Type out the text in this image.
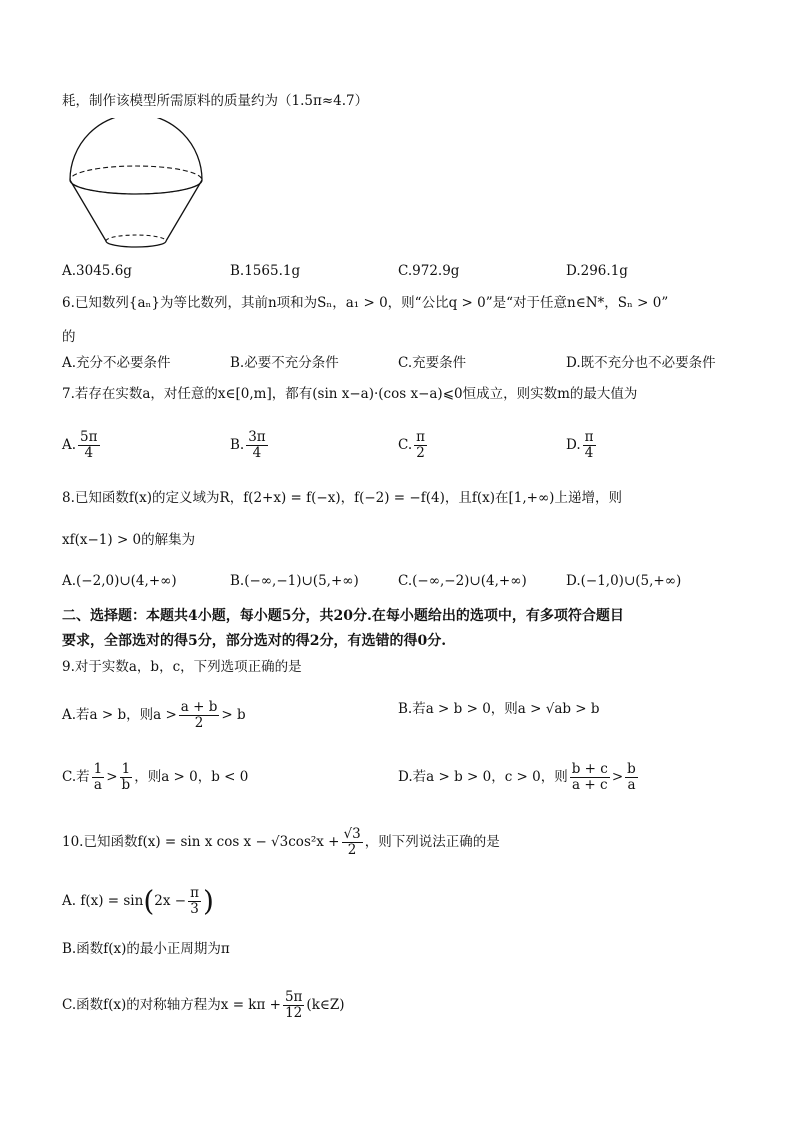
耗，制作该模型所需原料的质量约为（1.5π≈4.7）
A.3045.6g	B.1565.1g	C.972.9g	D.296.1g
6.已知数列{aₙ}为等比数列，其前n项和为Sₙ，a₁ > 0，则“公比q > 0”是“对于任意n∈N*，Sₙ > 0”
的
A.充分不必要条件	B.必要不充分条件	C.充要条件	D.既不充分也不必要条件
7.若存在实数a，对任意的x∈[0,m]，都有(sin x−a)·(cos x−a)⩽0恒成立，则实数m的最大值为
A. $\frac{5\pi}{4}$	B. $\frac{3\pi}{4}$	C. $\frac{\pi}{2}$	D. $\frac{\pi}{4}$
8.已知函数f(x)的定义域为R，f(2+x) = f(−x)，f(−2) = −f(4)，且f(x)在[1,+∞)上递增，则
xf(x−1) > 0的解集为
A.(−2,0)∪(4,+∞)	B.(−∞,−1)∪(5,+∞)	C.(−∞,−2)∪(4,+∞)	D.(−1,0)∪(5,+∞)
二、选择题：本题共4小题，每小题5分，共20分.在每小题给出的选项中，有多项符合题目
要求，全部选对的得5分，部分选对的得2分，有选错的得0分.
9.对于实数a，b，c，下列选项正确的是
A.若a > b，则$a > \frac{a + b}{2} > b$	B.若a > b > 0，则a > √ab > b
C.若 $\frac{1}{a} > \frac{1}{b}$ ，则a > 0，b < 0	D.若a > b > 0，c > 0，则 $\frac{b + c}{a + c} > \frac{b}{a}$
10.已知函数f(x) = sin x $\cos x - √3\cos^2x + \frac{√3}{2}$ ，则下列说法正确的是
A. $f(x) = \sin(2x - \frac{\pi}{3}$ )
B.函数f(x)的最小正周期为π
C.函数f(x)的对称轴方程为$x = k\pi + \frac{5\pi}{12}$ (k∈Z)
